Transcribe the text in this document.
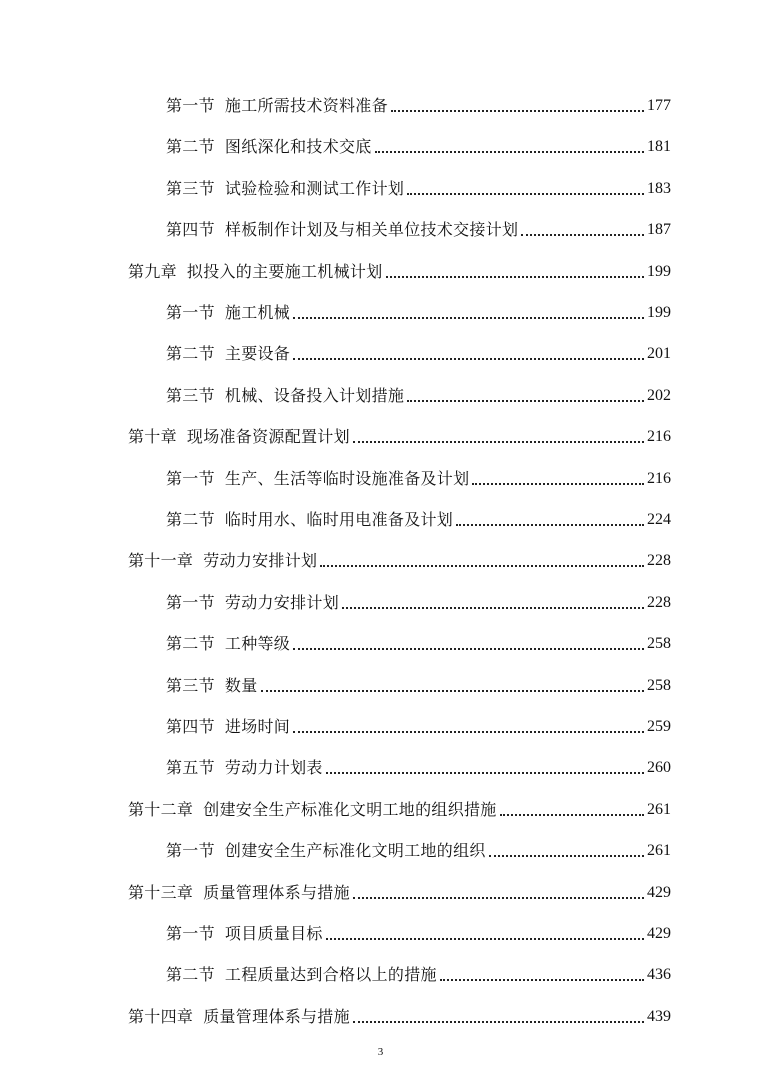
第一节 施工所需技术资料准备	177
第二节 图纸深化和技术交底	181
第三节 试验检验和测试工作计划	183
第四节 样板制作计划及与相关单位技术交接计划	187
第九章 拟投入的主要施工机械计划	199
第一节 施工机械	199
第二节 主要设备	201
第三节 机械、设备投入计划措施	202
第十章 现场准备资源配置计划	216
第一节 生产、生活等临时设施准备及计划	216
第二节 临时用水、临时用电准备及计划	224
第十一章 劳动力安排计划	228
第一节 劳动力安排计划	228
第二节 工种等级	258
第三节 数量	258
第四节 进场时间	259
第五节 劳动力计划表	260
第十二章 创建安全生产标准化文明工地的组织措施	261
第一节 创建安全生产标准化文明工地的组织	261
第十三章 质量管理体系与措施	429
第一节 项目质量目标	429
第二节 工程质量达到合格以上的措施	436
第十四章 质量管理体系与措施	439
3
